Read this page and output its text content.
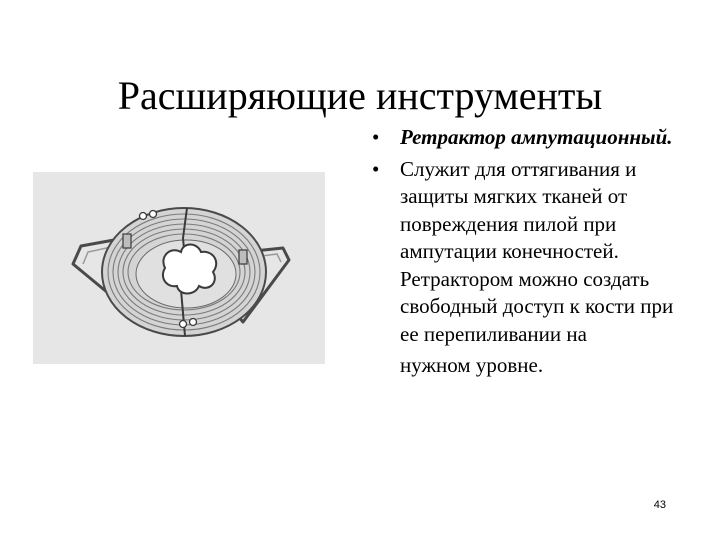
Расширяющие инструменты
• Ретрактор ампутационный.
• Служит для оттягивания и защиты мягких тканей от повреждения пилой при ампутации конечностей. Ретрактором можно создать свободный доступ к кости при ее перепиливании на
нужном уровне.
43
